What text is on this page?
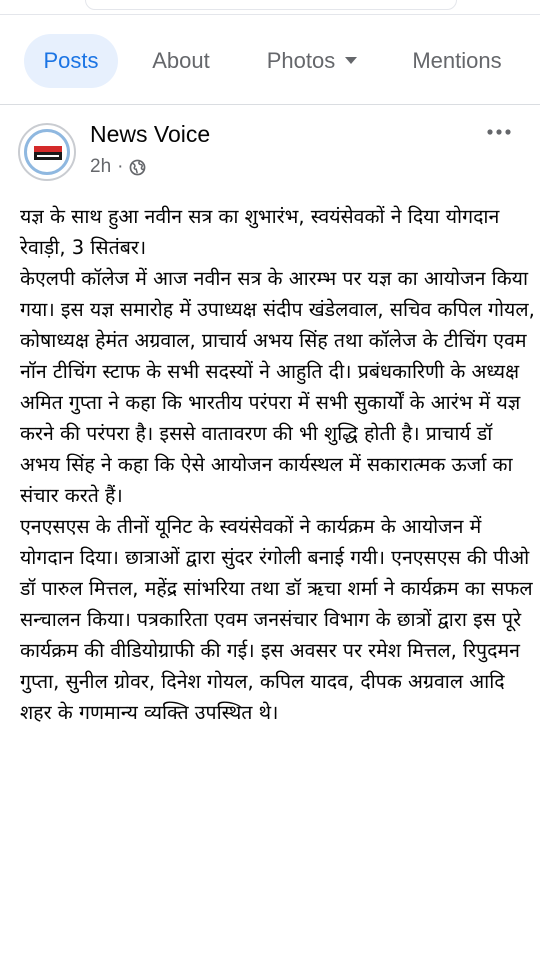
Posts	About	Photos	Mentions
News Voice
2h ·

यज्ञ के साथ हुआ नवीन सत्र का शुभारंभ, स्वयंसेवकों ने दिया योगदान

रेवाड़ी, 3 सितंबर।

केएलपी कॉलेज में आज नवीन सत्र के आरम्भ पर यज्ञ का आयोजन किया गया। इस यज्ञ समारोह में उपाध्यक्ष संदीप खंडेलवाल, सचिव कपिल गोयल, कोषाध्यक्ष हेमंत अग्रवाल, प्राचार्य अभय सिंह तथा कॉलेज के टीचिंग एवम नॉन टीचिंग स्टाफ के सभी सदस्यों ने आहुति दी। प्रबंधकारिणी के अध्यक्ष अमित गुप्ता ने कहा कि भारतीय परंपरा में सभी सुकार्यों के आरंभ में यज्ञ करने की परंपरा है। इससे वातावरण की भी शुद्धि होती है। प्राचार्य डॉ अभय सिंह ने कहा कि ऐसे आयोजन कार्यस्थल में सकारात्मक ऊर्जा का संचार करते हैं।

एनएसएस के तीनों यूनिट के स्वयंसेवकों ने कार्यक्रम के आयोजन में योगदान दिया। छात्राओं द्वारा सुंदर रंगोली बनाई गयी। एनएसएस की पीओ डॉ पारुल मित्तल, महेंद्र सांभरिया तथा डॉ ऋचा शर्मा ने कार्यक्रम का सफल सन्चालन किया। पत्रकारिता एवम जनसंचार विभाग के छात्रों द्वारा इस पूरे कार्यक्रम की वीडियोग्राफी की गई। इस अवसर पर रमेश मित्तल, रिपुदमन गुप्ता, सुनील ग्रोवर, दिनेश गोयल, कपिल यादव, दीपक अग्रवाल आदि शहर के गणमान्य व्यक्ति उपस्थित थे।
